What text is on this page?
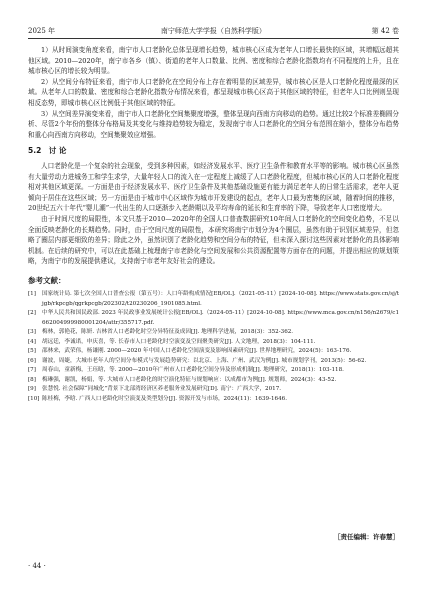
2025 年	南宁师范大学学报（自然科学版）	第 42 卷

1）从时间演变角度来看，南宁市人口老龄化总体呈现增长趋势，城市核心区成为老年人口增长最快的区域，其增幅远超其他区域。2010—2020年，南宁市各乡（镇）、街道的老年人口数量、比例、密度和综合老龄化指数均有不同程度的上升，且在城市核心区的增长较为明显。

2）从空间分布特征来看，南宁市人口老龄化在空间分布上存在着明显的区域差异，城市核心区是人口老龄化程度最深的区域。从老年人口的数量、密度和综合老龄化指数分布情况来看，都呈现城市核心区高于其他区域的特征，但老年人口比例则呈现相反态势，即城市核心区比例低于其他区域的特征。

3）从空间差异演变来看，南宁市人口老龄化空间集聚度增强，整体呈现向西南方向移动的趋势。通过比较2个标准差椭圆分析、尽管2个年份的整体分布格局及其变化与维持趋势较为稳定，发现南宁市人口老龄化的空间分布范围在缩小，整体分布趋势和重心向西南方向移动，空间集聚效应增强。

5.2　讨 论

人口老龄化是一个复杂的社会现象，受到多种因素，如经济发展水平、医疗卫生条件和教育水平等的影响。城市核心区虽然有大量劳动力进城务工和学生求学，大量年轻人口的流入在一定程度上减缓了人口老龄化程度，但城市核心区的人口老龄化程度相对其他区域更深。一方面是由于经济发展水平、医疗卫生条件及其他基础设施更有能力满足老年人的日常生活需求，老年人更倾向于居住在这些区域；另一方面是由于城市中心区域作为城市开发建设的起点，老年人口最为密集的区域，随着时间的推移，20世纪五六十年代“婴儿潮”一代出生的人口逐渐步入老龄期以及平均寿命的延长和生育率的下降，导致老年人口密度增大。

由于时间尺度的局限性，本文只基于2010—2020年的全国人口普查数据研究10年间人口老龄化的空间变化趋势，不足以全面反映老龄化的长期趋势。同时，由于空间尺度的局限性，本研究将南宁市划分为4个圈层，虽然有助于识别区域差异，但忽略了圈层内部更细致的差异；除此之外，虽然识别了老龄化趋势和空间分布的特征，但未深入探讨这些因素对老龄化的具体影响机制。在后续的研究中，可以在此基础上梳理南宁市老龄化与空间发展和公共资源配置等方面存在的问题，并提出相应的规划策略，为南宁市的发展提供建议，支持南宁市老年友好社会的建设。

参考文献：
[1]	国家统计局. 第七次全国人口普查公报（第五号）：人口年龄构成情况[EB/OL].（2021-05-11）[2024-10-08]. https://www.stats.gov.cn/sj/tjgb/rkpcgb/qgrkpcgb/202302/t20230206_1901085.html.
[2]	中华人民共和国民政部. 2023 年民政事业发展统计公报[EB/OL].（2024-05-11）[2024-10-08]. https://www.mca.gov.cn/n156/n2679/c1662004999980001204/attr/355717.pdf.
[3]	梅林，郭艳花，陈妍. 吉林省人口老龄化时空分异特征及成因[J]. 地理科学进展，2018(3)：352-362.
[4]	胡远廷，李诚诺，申庆喜，等. 长春市人口老龄化时空演变及空间聚类研究[J]. 人文地理，2018(3)：104-111.
[5]	邵林来，武荣伟，杨谦刚. 2000—2020 年中国人口老龄化空间演变及影响因素研究[J]. 世界地理研究，2024(5)：163-176.
[6]	谢波，周婕，大城市老年人的空间分布模式与发展趋势研究：以北京、上海、广州、武汉为例[J]. 城市规划学刊，2013(5)：56-62.
[7]	周春山，童新梅，王珏晗，等. 2000—2010年广州市人口老龄化空间分异及形成机制[J]. 地理研究，2018(1)：103-118.
[8]	梅琳强，谢凯，杨娟，等. 大城市人口老龄化的时空演化特征与规划响应：以成都市为例[J]. 规划师，2024(3)：43-52.
[9]	张慧悦. 社会保障“同城化”背景下北部湾经济区养老服务业发展研究[D]. 南宁：广西大学，2017.
[10] 陈桂梅，李晗. 广西人口老龄化时空演变及类型划分[J]. 资源开发与市场，2024(11)：1639-1646.
［责任编辑：许春慧］
· 44 ·
